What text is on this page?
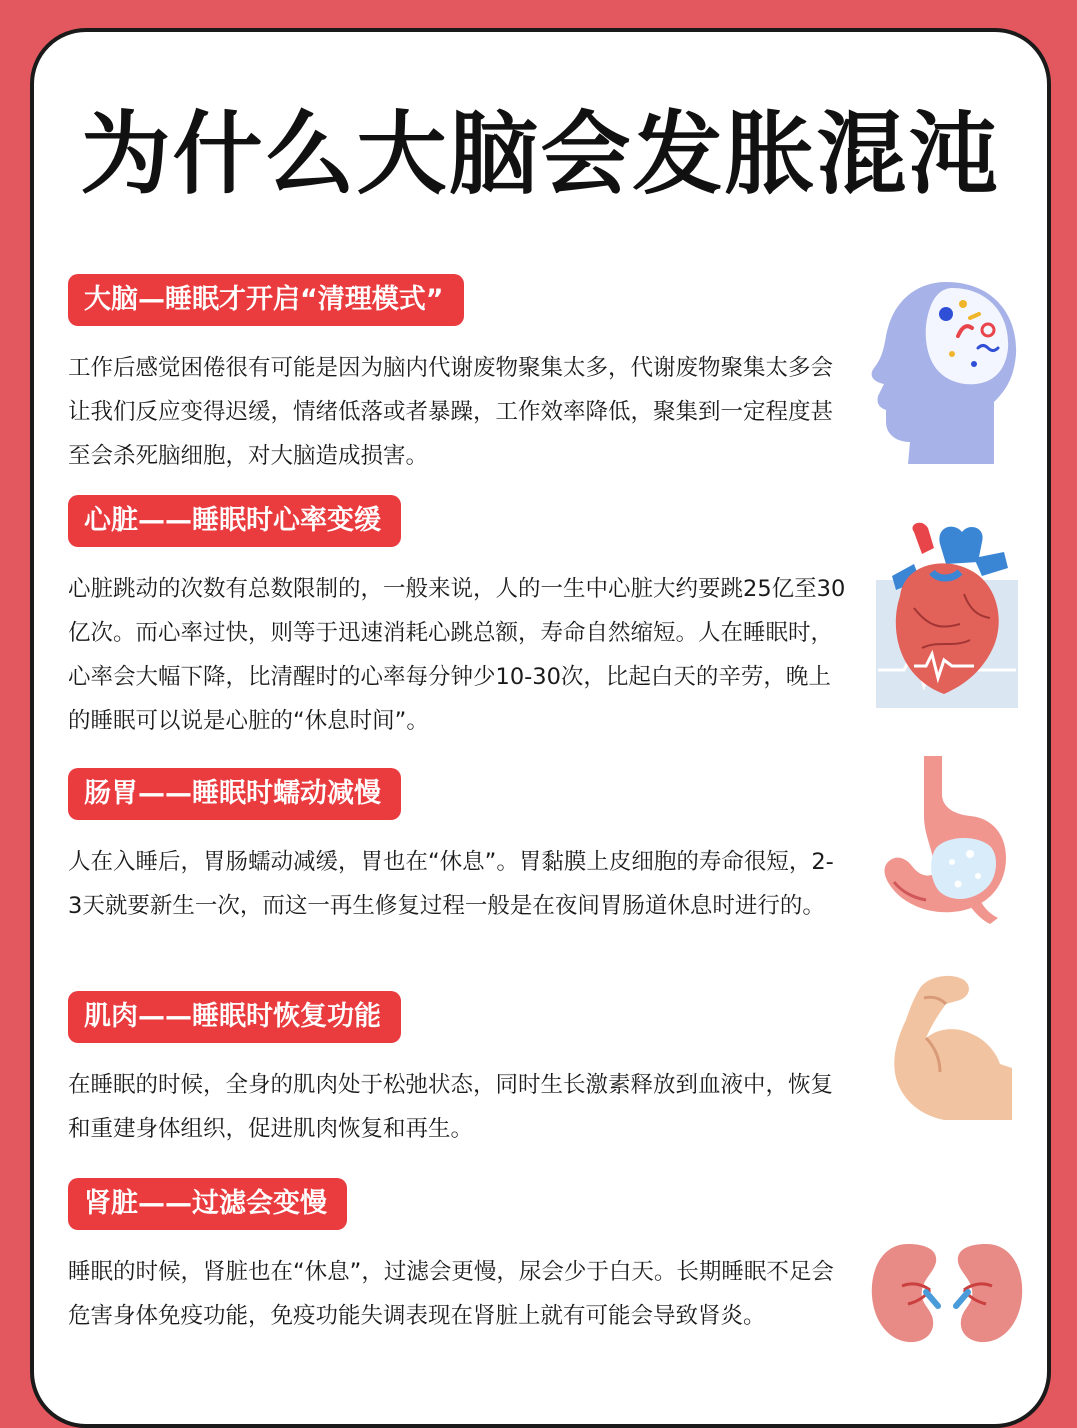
为什么大脑会发胀混沌
大脑—睡眠才开启“清理模式”
工作后感觉困倦很有可能是因为脑内代谢废物聚集太多，代谢废物聚集太多会让我们反应变得迟缓，情绪低落或者暴躁，工作效率降低，聚集到一定程度甚至会杀死脑细胞，对大脑造成损害。
心脏——睡眠时心率变缓
心脏跳动的次数有总数限制的，一般来说，人的一生中心脏大约要跳25亿至30亿次。而心率过快，则等于迅速消耗心跳总额，寿命自然缩短。人在睡眠时，心率会大幅下降，比清醒时的心率每分钟少10-30次，比起白天的辛劳，晚上的睡眠可以说是心脏的“休息时间”。
肠胃——睡眠时蠕动减慢
人在入睡后，胃肠蠕动减缓，胃也在“休息”。胃黏膜上皮细胞的寿命很短，2-3天就要新生一次，而这一再生修复过程一般是在夜间胃肠道休息时进行的。
肌肉——睡眠时恢复功能
在睡眠的时候，全身的肌肉处于松弛状态，同时生长激素释放到血液中，恢复和重建身体组织，促进肌肉恢复和再生。
肾脏——过滤会变慢
睡眠的时候，肾脏也在“休息”，过滤会更慢，尿会少于白天。长期睡眠不足会危害身体免疫功能，免疫功能失调表现在肾脏上就有可能会导致肾炎。
